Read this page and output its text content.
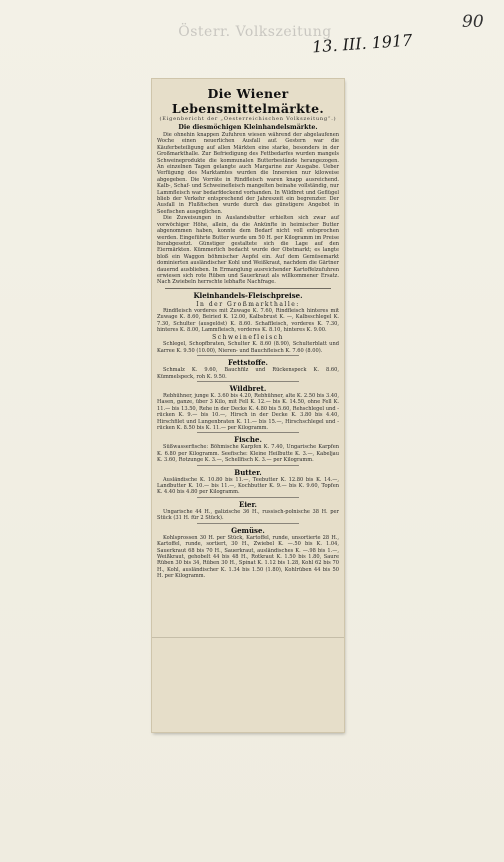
Österr. Volkszeitung
13. III. 1917
90
Die Wiener Lebensmittelmärkte.
(Eigenbericht der „Oesterreichischen Volkszeitung“.)
Die diesmöchigen Kleinhandelsmärkte.

Die ohnehin knappen Zufuhren wiesen während der abgelaufenen Woche einen neuerlichen Ausfall auf. Gestern war die Käuferbeteiligung auf allen Märkten eine starke, besonders in der Großmarkthalle. Zur Befriedigung des Fettbedarfes wurden mangels Schweineprodukte die kommunalen Butterbestände herangezogen. An einzelnen Tagen gelangte auch Margarine zur Ausgabe. Ueber Verfügung des Marktamtes wurden die Innereien nur kiloweise abgegeben. Die Vorräte in Rindfleisch waren knapp ausreichend. Kalb-, Schaf- und Schweinefleisch mangelten beinahe vollständig, nur Lammfleisch war bedarfdeckend vorhanden. In Wildbret und Geflügel blieb der Verkehr entsprechend der Jahreszeit ein begrenzter. Der Ausfall in Flußfischen wurde durch das günstigere Angebot in Seefischen ausgeglichen.

Die Zuweisungen in Auslandsbutter erhielten sich zwar auf vorwöchiger Höhe, allein, da die Ankünfte in heimischer Butter abgenommen haben, konnte dem Bedarf nicht voll entsprochen werden. Eingeführte Butter wurde um 50 H. per Kilogramm im Preise herabgesetzt. Günstiger gestaltete sich die Lage auf den Eiermärkten. Kümmerlich bedacht wurde der Obstmarkt; es langte bloß ein Waggon böhmischer Aepfel ein. Auf dem Gemüsemarkt dominierten ausländischer Kohl und Weißkraut, nachdem die Gärtner dauernd ausblieben. In Ermanglung ausreichender Kartoffelzufuhren erwiesen sich rote Rüben und Sauerkraut als willkommener Ersatz. Nach Zwiebeln herrschte lebhafte Nachfrage.

Kleinhandels-Fleischpreise.
In der Großmarkthalle:

Rindfleisch vorderes mit Zuwage K. 7.60, Rindfleisch hinteres mit Zuwage K. 8.60, Beiried K. 12.00, Kalbsbrust K. —, Kalbsschlegel K. 7.30, Schulter (ausgelöst) K. 8.60. Schaffleisch, vorderes K. 7.30, hinteres K. 8.00, Lammfleisch, vorderes K. 8.10, hinteres K. 9.00.

Schweinefleisch

Schlegel, Schopfbraten, Schulter K. 8.60 (8.90), Schulterblatt und Karree K. 9.50 (10.00), Nieren- und Bauchfleisch K. 7.60 (8.00).

Fettstoffe.

Schmalz K. 9.60, Bauchfilz und Rückenspeck K. 8.60, Kümmelspeck, roh K. 9.50.

Wildbret.

Rebhühner, junge K. 3.60 bis 4.20, Rebhühner, alte K. 2.50 bis 3.40, Hasen, ganze, über 3 Kilo, mit Fell K. 12.— bis K. 14.50, ohne Fell K. 11.— bis 13.50, Rehe in der Decke K. 4.80 bis 5.60, Rehschlegel und -rücken K. 9.— bis 10.—, Hirsch in der Decke K. 3.80 bis 4.40, Hirschfilet und Lungenbraten K. 11.— bis 15.—, Hirschschlegel und -rücken K. 8.50 bis K. 11.— per Kilogramm.

Fische.

Süßwasserfische: Böhmische Karpfen K. 7.40, Ungarische Karpfen K. 6.80 per Kilogramm. Seefische: Kleine Heilbutte K. 3.—, Kabeljau K. 3.60, Rotzunge K. 3.—, Schellfisch K. 3.— per Kilogramm.

Butter.

Ausländische K. 10.80 bis 11.—, Teebutter K. 12.80 bis K. 14.—, Landbutter K. 10.— bis 11.—, Kochbutter K. 9.— bis K. 9.60, Topfen K. 4.40 bis 4.80 per Kilogramm.

Eier.

Ungarische 44 H., galizische 36 H., russisch-polnische 38 H. per Stück (31 H. für 2 Stück).

Gemüse.

Kohlsprossen 30 H. per Stück, Kartoffel, runde, unsortierte 28 H., Kartoffel, runde, sortiert, 30 H., Zwiebel K. —.50 bis K. 1.04, Sauerkraut 68 bis 70 H., Sauerkraut, ausländisches K. —.98 bis 1.—, Weißkraut, gehobelt 44 bis 48 H., Rotkraut K. 1.50 bis 1.80, Saure Rüben 30 bis 34, Rüben 30 H., Spinat K. 1.12 bis 1.28, Kohl 62 bis 70 H., Kohl, ausländischer K. 1.34 bis 1.50 (1.80), Kohlrüben 44 bis 50 H. per Kilogramm.
